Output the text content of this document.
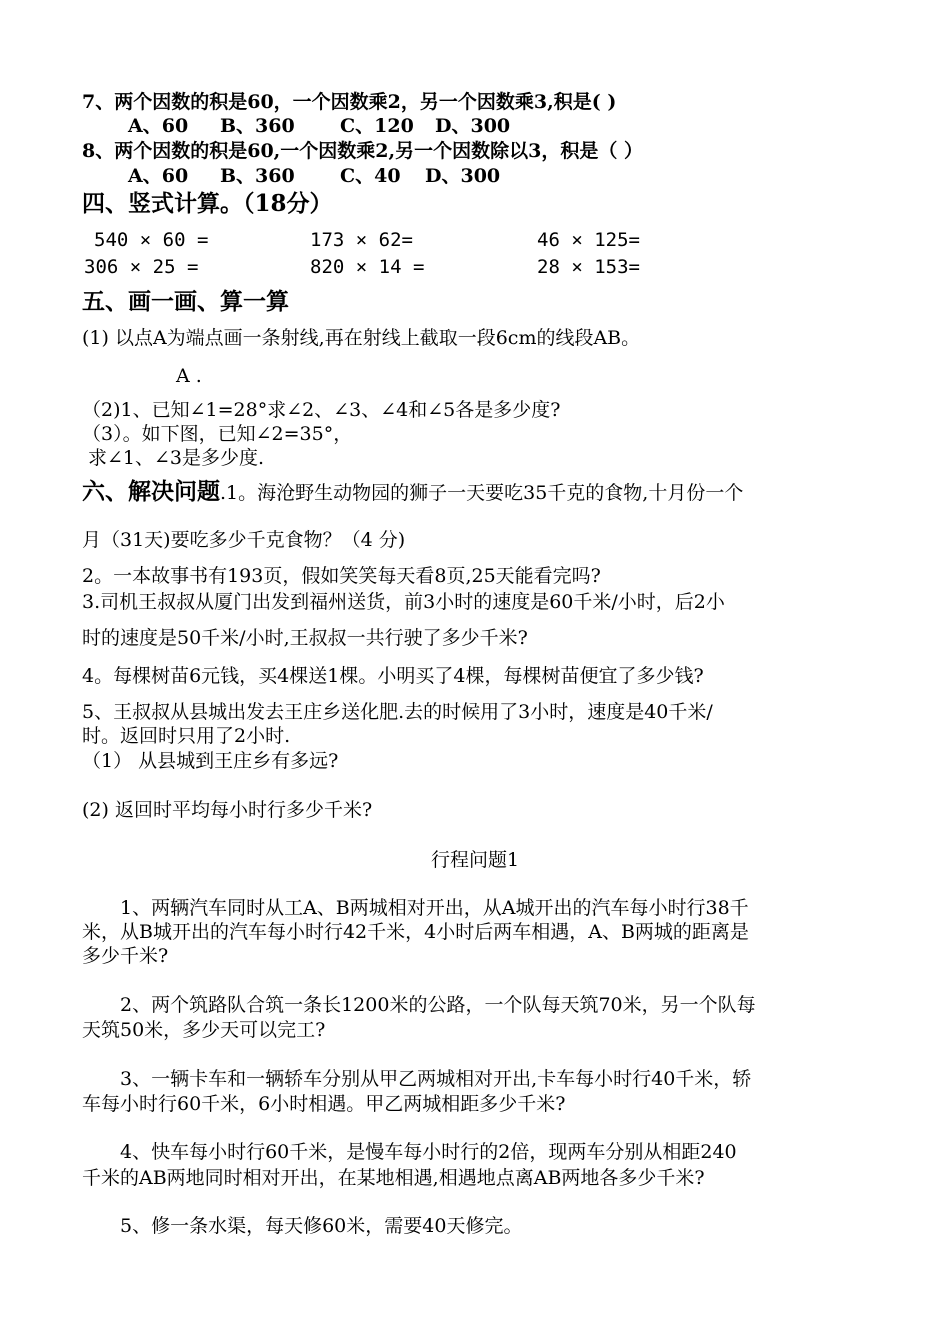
7、两个因数的积是60，一个因数乘2，另一个因数乘3,积是( )
A、60 B、360 C、120 D、300
8、两个因数的积是60,一个因数乘2,另一个因数除以3，积是（ ）
A、60 B、360 C、40 D、300
四、竖式计算。（18分）
540 × 60 =	173 × 62=	46 × 125=
306 × 25 =	820 × 14 =	28 × 153=
五、画一画、算一算
(1) 以点A为端点画一条射线,再在射线上截取一段6cm的线段AB。
A .
（2)1、已知∠1=28°求∠2、∠3、∠4和∠5各是多少度?
（3）。如下图，已知∠2=35°，
求∠1、∠3是多少度.
六、解决问题.1。海沧野生动物园的狮子一天要吃35千克的食物,十月份一个
月（31天)要吃多少千克食物？（4 分)
2。一本故事书有193页，假如笑笑每天看8页,25天能看完吗?
3.司机王叔叔从厦门出发到福州送货，前3小时的速度是60千米/小时，后2小
时的速度是50千米/小时,王叔叔一共行驶了多少千米?
4。每棵树苗6元钱，买4棵送1棵。小明买了4棵，每棵树苗便宜了多少钱?
5、王叔叔从县城出发去王庄乡送化肥.去的时候用了3小时，速度是40千米/
时。返回时只用了2小时.
（1） 从县城到王庄乡有多远?
(2) 返回时平均每小时行多少千米?
行程问题1
1、两辆汽车同时从工A、B两城相对开出，从A城开出的汽车每小时行38千
米，从B城开出的汽车每小时行42千米，4小时后两车相遇，A、B两城的距离是
多少千米?
2、两个筑路队合筑一条长1200米的公路，一个队每天筑70米，另一个队每
天筑50米，多少天可以完工?
3、一辆卡车和一辆轿车分别从甲乙两城相对开出,卡车每小时行40千米，轿
车每小时行60千米，6小时相遇。甲乙两城相距多少千米?
4、快车每小时行60千米，是慢车每小时行的2倍，现两车分别从相距240
千米的AB两地同时相对开出，在某地相遇,相遇地点离AB两地各多少千米?
5、修一条水渠，每天修60米，需要40天修完。
